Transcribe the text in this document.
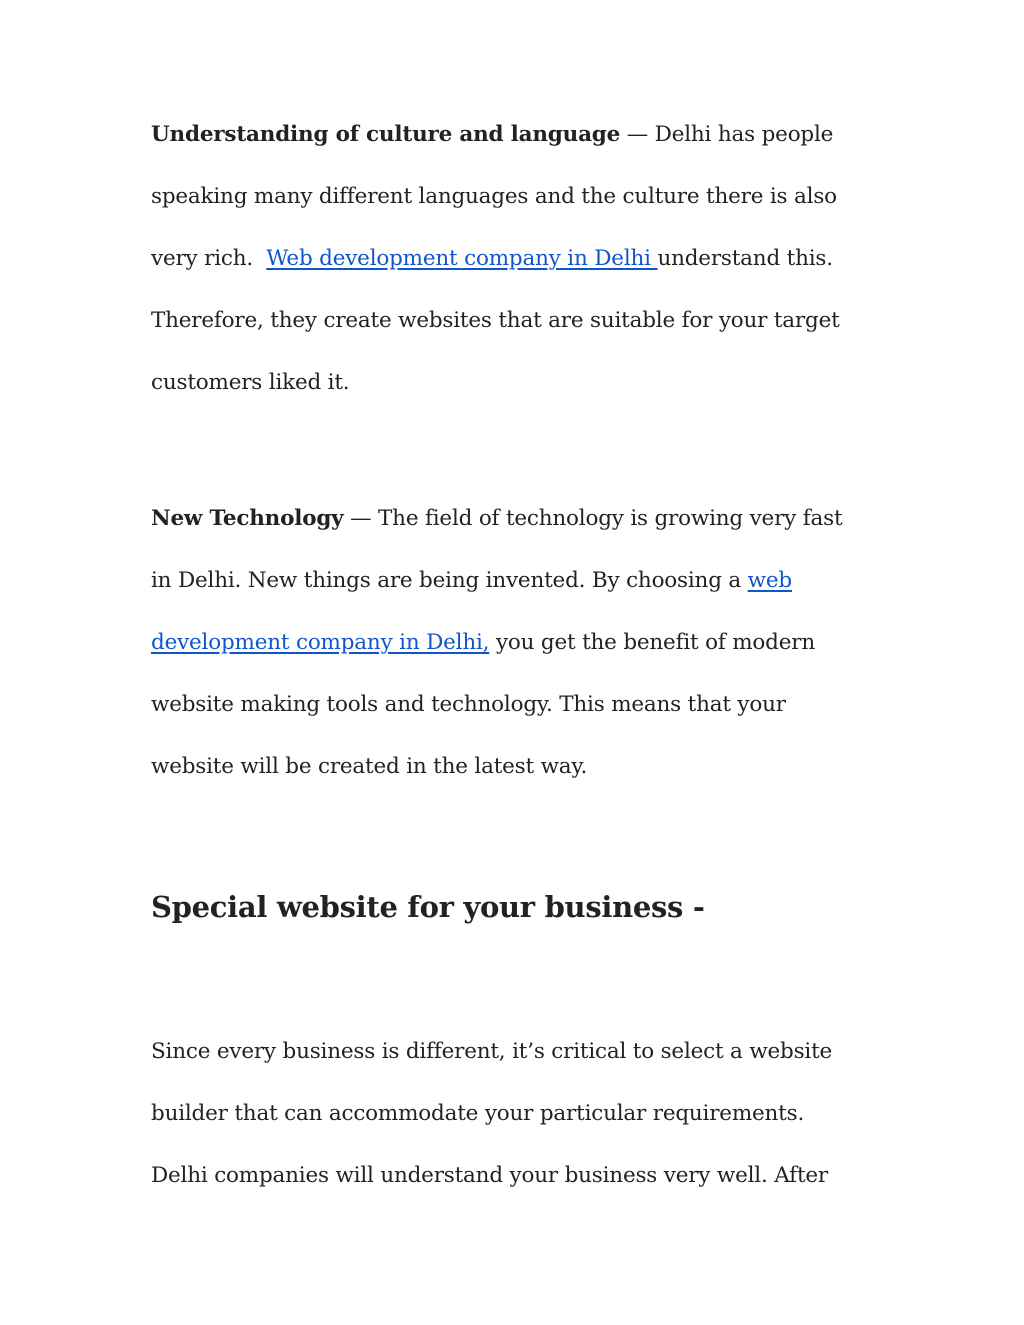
Understanding of culture and language — Delhi has people
speaking many different languages and the culture there is also
very rich.  Web development company in Delhi understand this.
Therefore, they create websites that are suitable for your target
customers liked it.
New Technology — The field of technology is growing very fast
in Delhi. New things are being invented. By choosing a web
development company in Delhi, you get the benefit of modern
website making tools and technology. This means that your
website will be created in the latest way.
Special website for your business -
Since every business is different, it’s critical to select a website
builder that can accommodate your particular requirements.
Delhi companies will understand your business very well. After
